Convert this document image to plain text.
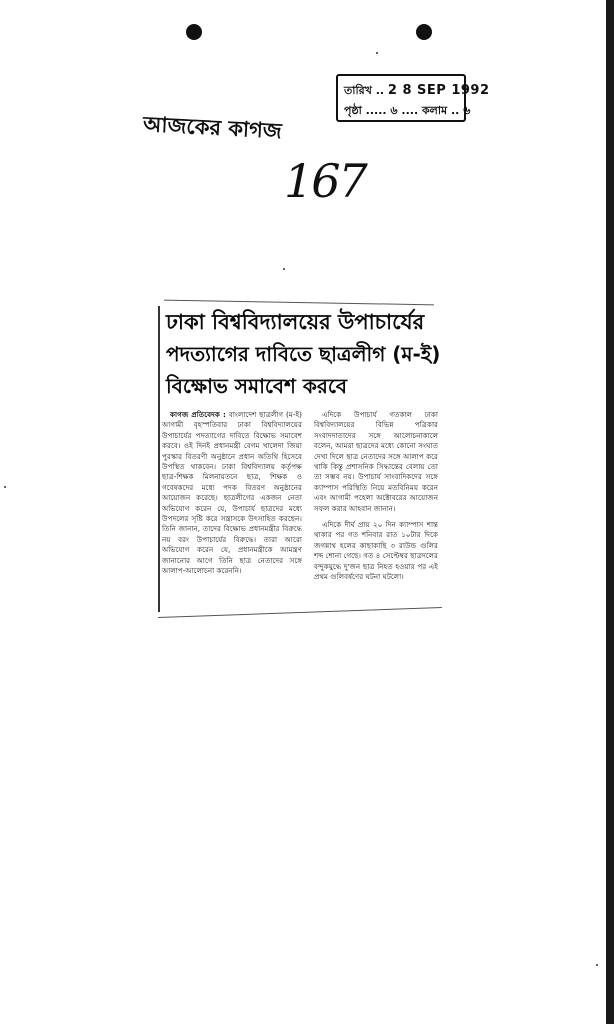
তারিখ .. 2 8 SEP 1992
পৃষ্ঠা ..... ৬ .... কলাম .. ৬
আজকের কাগজ
167
ঢাকা বিশ্ববিদ্যালয়ের উপাচার্যের
পদত্যাগের দাবিতে ছাত্রলীগ (ম-ই)
বিক্ষোভ সমাবেশ করবে

কাগজ প্রতিবেদক : বাংলাদেশ ছাত্রলীগ (ম-ই) আগামী বৃহস্পতিবার ঢাকা বিশ্ববিদ্যালয়ের উপাচার্যের পদত্যাগের দাবিতে বিক্ষোভ সমাবেশ করবে। ওই দিনই প্রধানমন্ত্রী বেগম খালেদা জিয়া পুরস্কার বিতরণী অনুষ্ঠানে প্রধান অতিথি হিসেবে উপস্থিত থাকবেন। ঢাকা বিশ্ববিদ্যালয় কর্তৃপক্ষ ছাত্র-শিক্ষক মিলনায়তনে ছাত্র, শিক্ষক ও গবেষকদের মধ্যে পদক বিতরণ অনুষ্ঠানের আয়োজন করেছে। ছাত্রলীগের একজন নেতা অভিযোগ করেন যে, উপাচার্য ছাত্রদের মধ্যে উপদলের সৃষ্টি করে সন্ত্রাসকে উৎসাহিত করছেন। তিনি জানান, তাদের বিক্ষোভ প্রধানমন্ত্রীর বিরুদ্ধে নয় বরং উপাচার্যের বিরুদ্ধে। তারা আরো অভিযোগ করেন যে, প্রধানমন্ত্রীকে আমন্ত্রণ জানানোর আগে তিনি ছাত্র নেতাদের সঙ্গে আলাপ-আলোচনা করেননি।

এদিকে উপাচার্য গতকাল ঢাকা বিশ্ববিদ্যালয়ের বিভিন্ন পত্রিকার সংবাদদাতাদের সঙ্গে আলোচনাকালে বলেন, আমরা ছাত্রদের মধ্যে কোনো সংঘাত দেখা দিলে ছাত্র নেতাদের সঙ্গে আলাপ করে থাকি কিন্তু প্রশাসনিক সিদ্ধান্তের বেলায় তো তা সম্ভব নয়। উপাচার্য সাংবাদিকদের সঙ্গে ক্যাম্পাস পরিস্থিতি নিয়ে মতবিনিময় করেন এবং আগামী পহেলা অক্টোবরের আয়োজন সফল করার আহবান জানান।

এদিকে দীর্ঘ প্রায় ২০ দিন ক্যাম্পাস শান্ত থাকার পর গত শনিবার রাত ১০টার দিকে জগন্নাথ হলের কাছাকাছি ৩ রাউন্ড গুলির শব্দ শোনা গেছে। গত ৪ সেপ্টেম্বর ছাত্রদলের বন্দুকযুদ্ধে দু'জন ছাত্র নিহত হওয়ার পর এই প্রথম গুলিবর্ষণের ঘটনা ঘটলো।
